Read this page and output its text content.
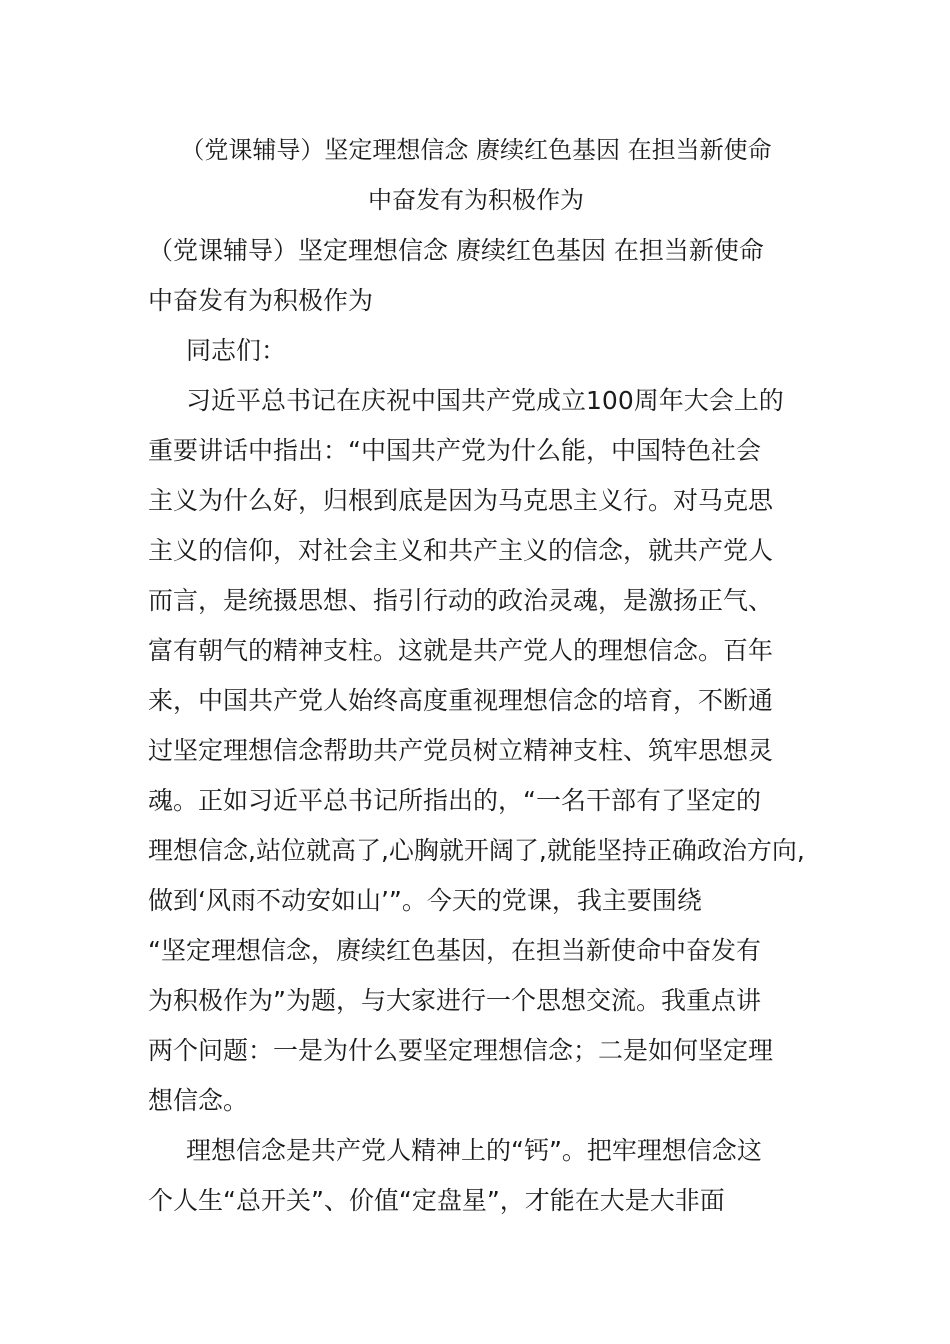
（党课辅导）坚定理想信念 赓续红色基因 在担当新使命
中奋发有为积极作为
（党课辅导）坚定理想信念 赓续红色基因 在担当新使命
中奋发有为积极作为
同志们：
习近平总书记在庆祝中国共产党成立100周年大会上的
重要讲话中指出：“中国共产党为什么能，中国特色社会
主义为什么好，归根到底是因为马克思主义行。对马克思
主义的信仰，对社会主义和共产主义的信念，就共产党人
而言，是统摄思想、指引行动的政治灵魂，是激扬正气、
富有朝气的精神支柱。这就是共产党人的理想信念。百年
来，中国共产党人始终高度重视理想信念的培育，不断通
过坚定理想信念帮助共产党员树立精神支柱、筑牢思想灵
魂。正如习近平总书记所指出的，“一名干部有了坚定的
理想信念,站位就高了,心胸就开阔了,就能坚持正确政治方向,
做到‘风雨不动安如山’”。今天的党课，我主要围绕
“坚定理想信念，赓续红色基因，在担当新使命中奋发有
为积极作为”为题，与大家进行一个思想交流。我重点讲
两个问题：一是为什么要坚定理想信念；二是如何坚定理
想信念。
理想信念是共产党人精神上的“钙”。把牢理想信念这
个人生“总开关”、价值“定盘星”，才能在大是大非面
